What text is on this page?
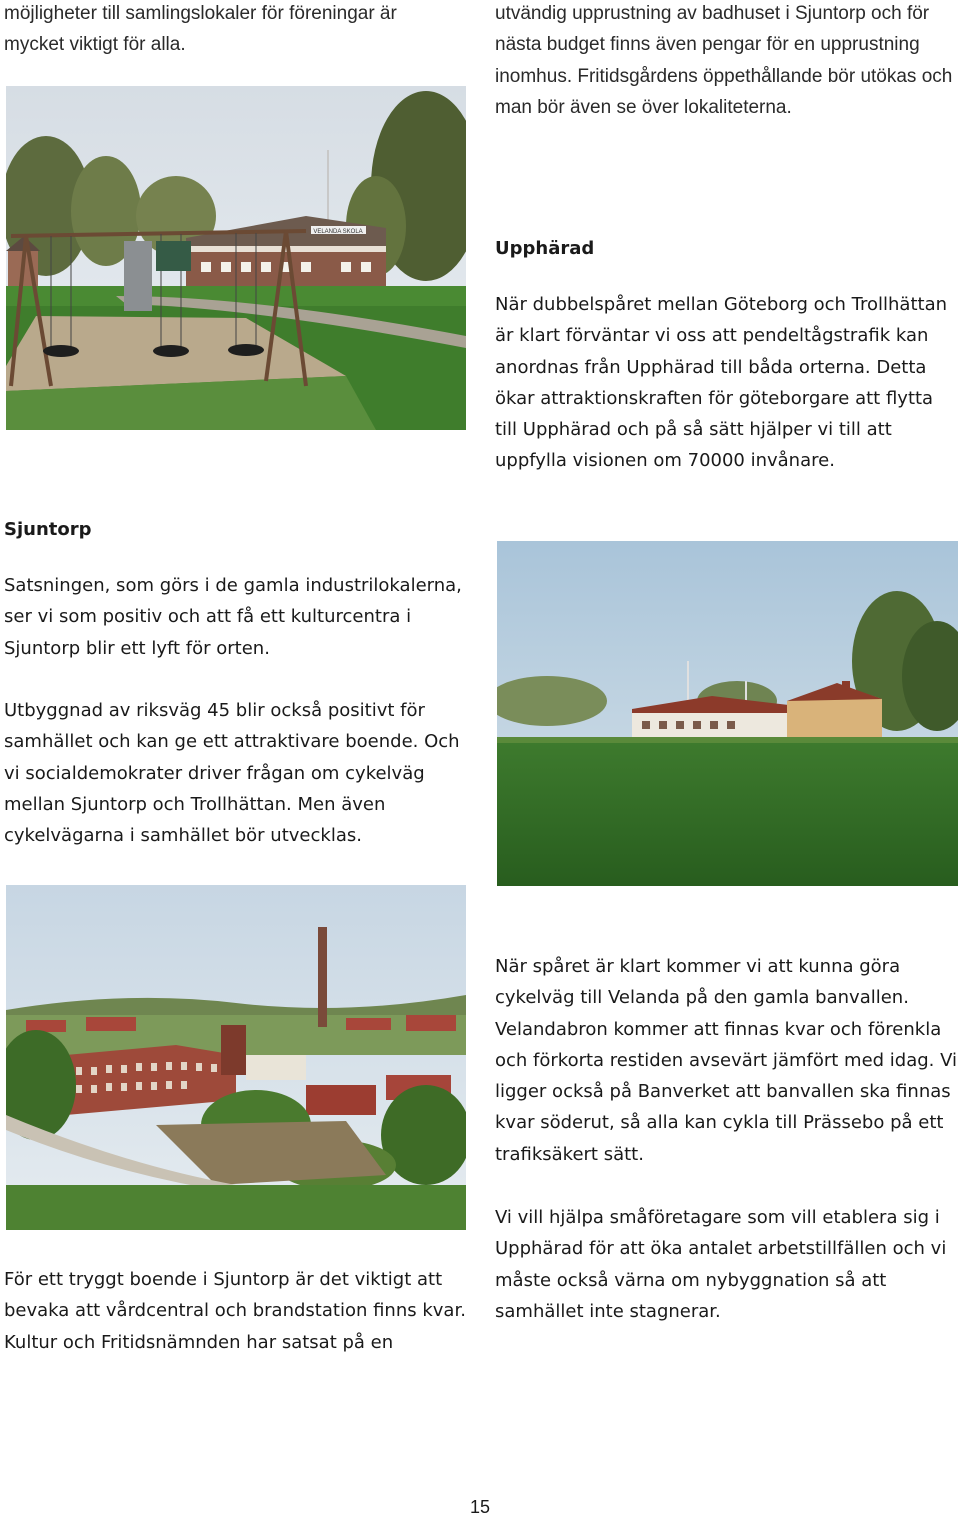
möjligheter till samlingslokaler för föreningar är mycket viktigt för alla.
utvändig upprustning av badhuset i Sjuntorp och för nästa budget finns även pengar för en upprustning inomhus. Fritidsgårdens öppethållande bör utökas och man bör även se över lokaliteterna.
VELANDA SKOLA
Upphärad

När dubbelspåret mellan Göteborg och Trollhättan är klart förväntar vi oss att pendeltågstrafik kan anordnas från Upphärad till båda orterna. Detta ökar attraktionskraften för göteborgare att flytta till Upphärad och på så sätt hjälper vi till att uppfylla visionen om 70000 invånare.

Sjuntorp

Satsningen, som görs i de gamla industrilokalerna, ser vi som positiv och att få ett kulturcentra i Sjuntorp blir ett lyft för orten.

Utbyggnad av riksväg 45 blir också positivt för samhället och kan ge ett attraktivare boende. Och vi socialdemokrater driver frågan om cykelväg mellan Sjuntorp och Trollhättan. Men även cykelvägarna i samhället bör utvecklas.

När spåret är klart kommer vi att kunna göra cykelväg till Velanda på den gamla banvallen. Velandabron kommer att finnas kvar och förenkla och förkorta restiden avsevärt jämfört med idag. Vi ligger också på Banverket att banvallen ska finnas kvar söderut, så alla kan cykla till Prässebo på ett trafiksäkert sätt.

Vi vill hjälpa småföretagare som vill etablera sig i Upphärad för att öka antalet arbetstillfällen och vi måste också värna om nybyggnation så att samhället inte stagnerar.

För ett tryggt boende i Sjuntorp är det viktigt att bevaka att vårdcentral och brandstation finns kvar. Kultur och Fritidsnämnden har satsat på en

15
